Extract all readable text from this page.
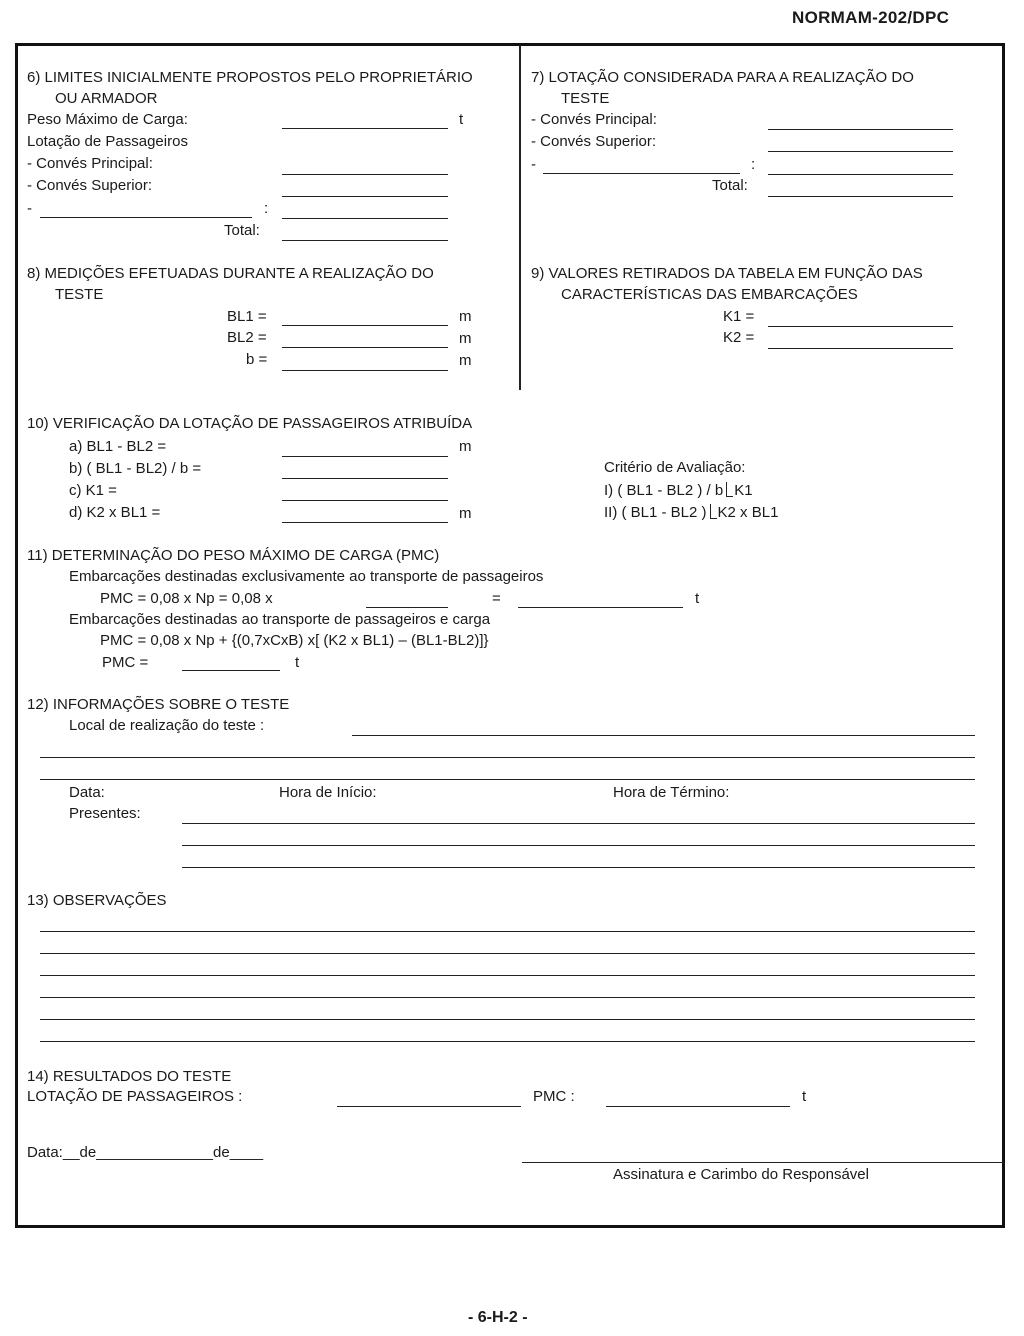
NORMAM-202/DPC
6) LIMITES INICIALMENTE PROPOSTOS PELO PROPRIETÁRIO
OU ARMADOR
Peso Máximo de Carga:	t
Lotação de Passageiros
- Convés Principal:
- Convés Superior:
-	:
Total:
7) LOTAÇÃO CONSIDERADA PARA A REALIZAÇÃO DO
TESTE
- Convés Principal:
- Convés Superior:
-	:
Total:
8) MEDIÇÕES EFETUADAS DURANTE A REALIZAÇÃO DO
TESTE
BL1 =	m
BL2 =	m
b =	m
9) VALORES RETIRADOS DA TABELA EM FUNÇÃO DAS
CARACTERÍSTICAS DAS EMBARCAÇÕES
K1 =
K2 =
10) VERIFICAÇÃO DA LOTAÇÃO DE PASSAGEIROS ATRIBUÍDA
a) BL1 - BL2 =	m
b) ( BL1 - BL2) / b =
c) K1 =
d) K2 x BL1 =	m
Critério de Avaliação:
I) ( BL1 - BL2 ) / b K1
II) ( BL1 - BL2 ) K2 x BL1
11) DETERMINAÇÃO DO PESO MÁXIMO DE CARGA (PMC)
Embarcações destinadas exclusivamente ao transporte de passageiros
PMC = 0,08 x Np = 0,08 x	=	t
Embarcações destinadas ao transporte de passageiros e carga
PMC = 0,08 x Np + {(0,7xCxB) x[ (K2 x BL1) – (BL1-BL2)]}
PMC =	t
12) INFORMAÇÕES SOBRE O TESTE
Local de realização do teste :
Data:	Hora de Início:	Hora de Término:
Presentes:
13) OBSERVAÇÕES
14) RESULTADOS DO TESTE
LOTAÇÃO DE PASSAGEIROS :	PMC :	t
Data:__de______________de____
Assinatura e Carimbo do Responsável
- 6-H-2 -
